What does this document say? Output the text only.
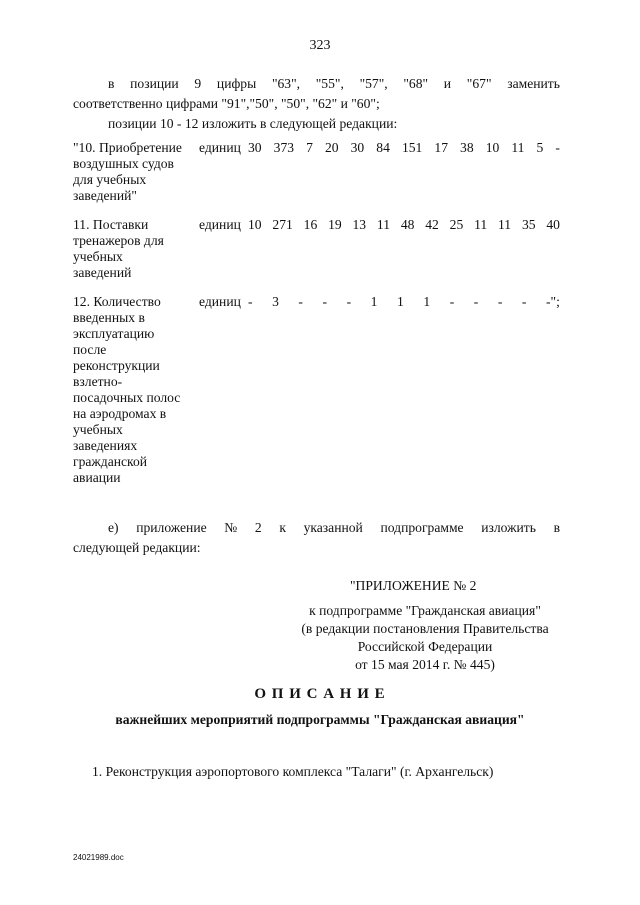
323
в позиции 9 цифры "63", "55", "57", "68" и "67" заменить
соответственно цифрами "91","50", "50", "62" и "60";
позиции 10 - 12 изложить в следующей редакции:
"10. Приобретение
воздушных судов
для учебных
заведений"
единиц 30 373 7 20 30 84 151 17 38 10 11 5 -
11. Поставки
тренажеров для
учебных
заведений
единиц 10 271 16 19 13 11 48 42 25 11 11 35 40
12. Количество
введенных в
эксплуатацию
после
реконструкции
взлетно-
посадочных полос
на аэродромах в
учебных
заведениях
гражданской
авиации
единиц - 3 - - - 1 1 1 - - - - -";
е) приложение № 2 к указанной подпрограмме изложить в
следующей редакции:
"ПРИЛОЖЕНИЕ № 2
к подпрограмме "Гражданская авиация"
(в редакции постановления Правительства
Российской Федерации
от 15 мая 2014 г. № 445)
О П И С А Н И Е
важнейших мероприятий подпрограммы "Гражданская авиация"
1. Реконструкция аэропортового комплекса "Талаги" (г. Архангельск)
24021989.doc
